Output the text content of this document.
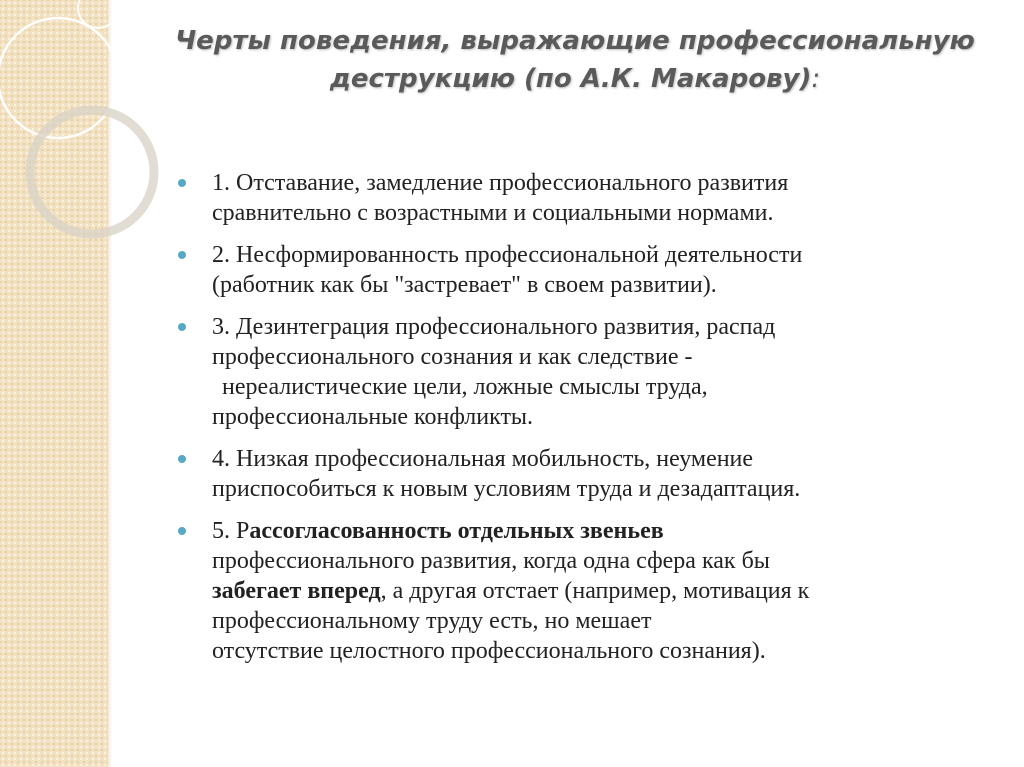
Черты поведения, выражающие профессиональную
деструкцию (по А.К. Макарову):
1. Отставание, замедление профессионального развития
сравнительно с возрастными и социальными нормами.
2. Несформированность профессиональной деятельности
(работник как бы "застревает" в своем развитии).
3. Дезинтеграция профессионального развития, распад
профессионального сознания и как следствие -
нереалистические цели, ложные смыслы труда,
профессиональные конфликты.
4. Низкая профессиональная мобильность, неумение
приспособиться к новым условиям труда и дезадаптация.
5. Рассогласованность отдельных звеньев
профессионального развития, когда одна сфера как бы
забегает вперед, а другая отстает (например, мотивация к
профессиональному труду есть, но мешает
отсутствие целостного профессионального сознания).
